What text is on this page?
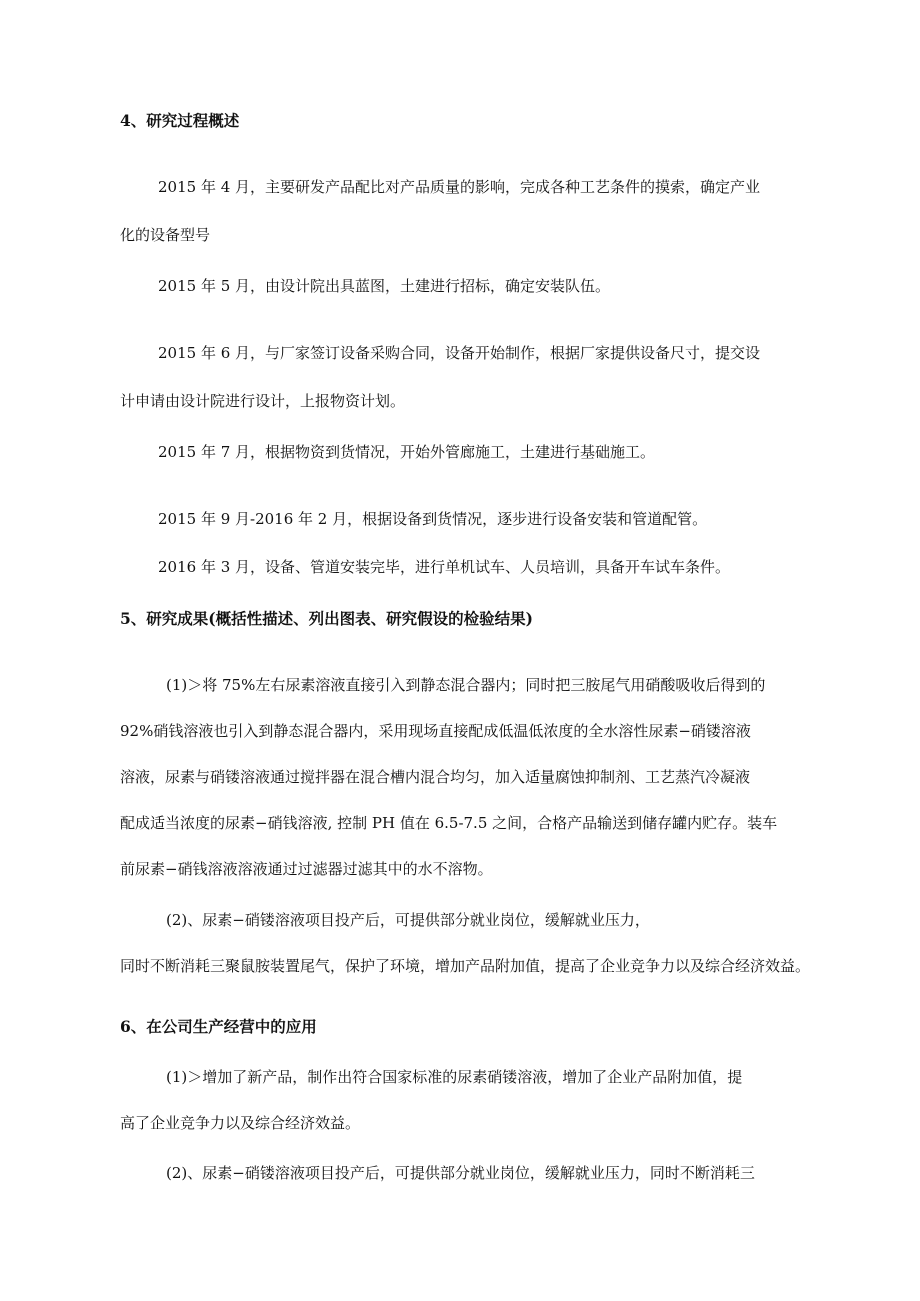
4、研究过程概述

2015 年 4 月，主要研发产品配比对产品质量的影响，完成各种工艺条件的摸索，确定产业

化的设备型号

2015 年 5 月，由设计院出具蓝图，土建进行招标，确定安装队伍。

2015 年 6 月，与厂家签订设备采购合同，设备开始制作，根据厂家提供设备尺寸，提交设

计申请由设计院进行设计，上报物资计划。

2015 年 7 月，根据物资到货情况，开始外管廊施工，土建进行基础施工。

2015 年 9 月-2016 年 2 月，根据设备到货情况，逐步进行设备安装和管道配管。

2016 年 3 月，设备、管道安装完毕，进行单机试车、人员培训，具备开车试车条件。

5、研究成果(概括性描述、列出图表、研究假设的检验结果)

(1)＞将 75%左右尿素溶液直接引入到静态混合器内；同时把三胺尾气用硝酸吸收后得到的

92%硝钱溶液也引入到静态混合器内，采用现场直接配成低温低浓度的全水溶性尿素−硝镂溶液

溶液，尿素与硝镂溶液通过搅拌器在混合槽内混合均匀，加入适量腐蚀抑制剂、工艺蒸汽冷凝液

配成适当浓度的尿素−硝钱溶液, 控制 PH 值在 6.5-7.5 之间，合格产品输送到储存罐内贮存。装车

前尿素−硝钱溶液溶液通过过滤器过滤其中的水不溶物。

(2)、尿素−硝镂溶液项目投产后，可提供部分就业岗位，缓解就业压力，

同时不断消耗三聚鼠胺装置尾气，保护了环境，增加产品附加值，提高了企业竞争力以及综合经济效益。

6、在公司生产经营中的应用

(1)＞增加了新产品，制作出符合国家标准的尿素硝镂溶液，增加了企业产品附加值，提

高了企业竞争力以及综合经济效益。

(2)、尿素−硝镂溶液项目投产后，可提供部分就业岗位，缓解就业压力，同时不断消耗三
